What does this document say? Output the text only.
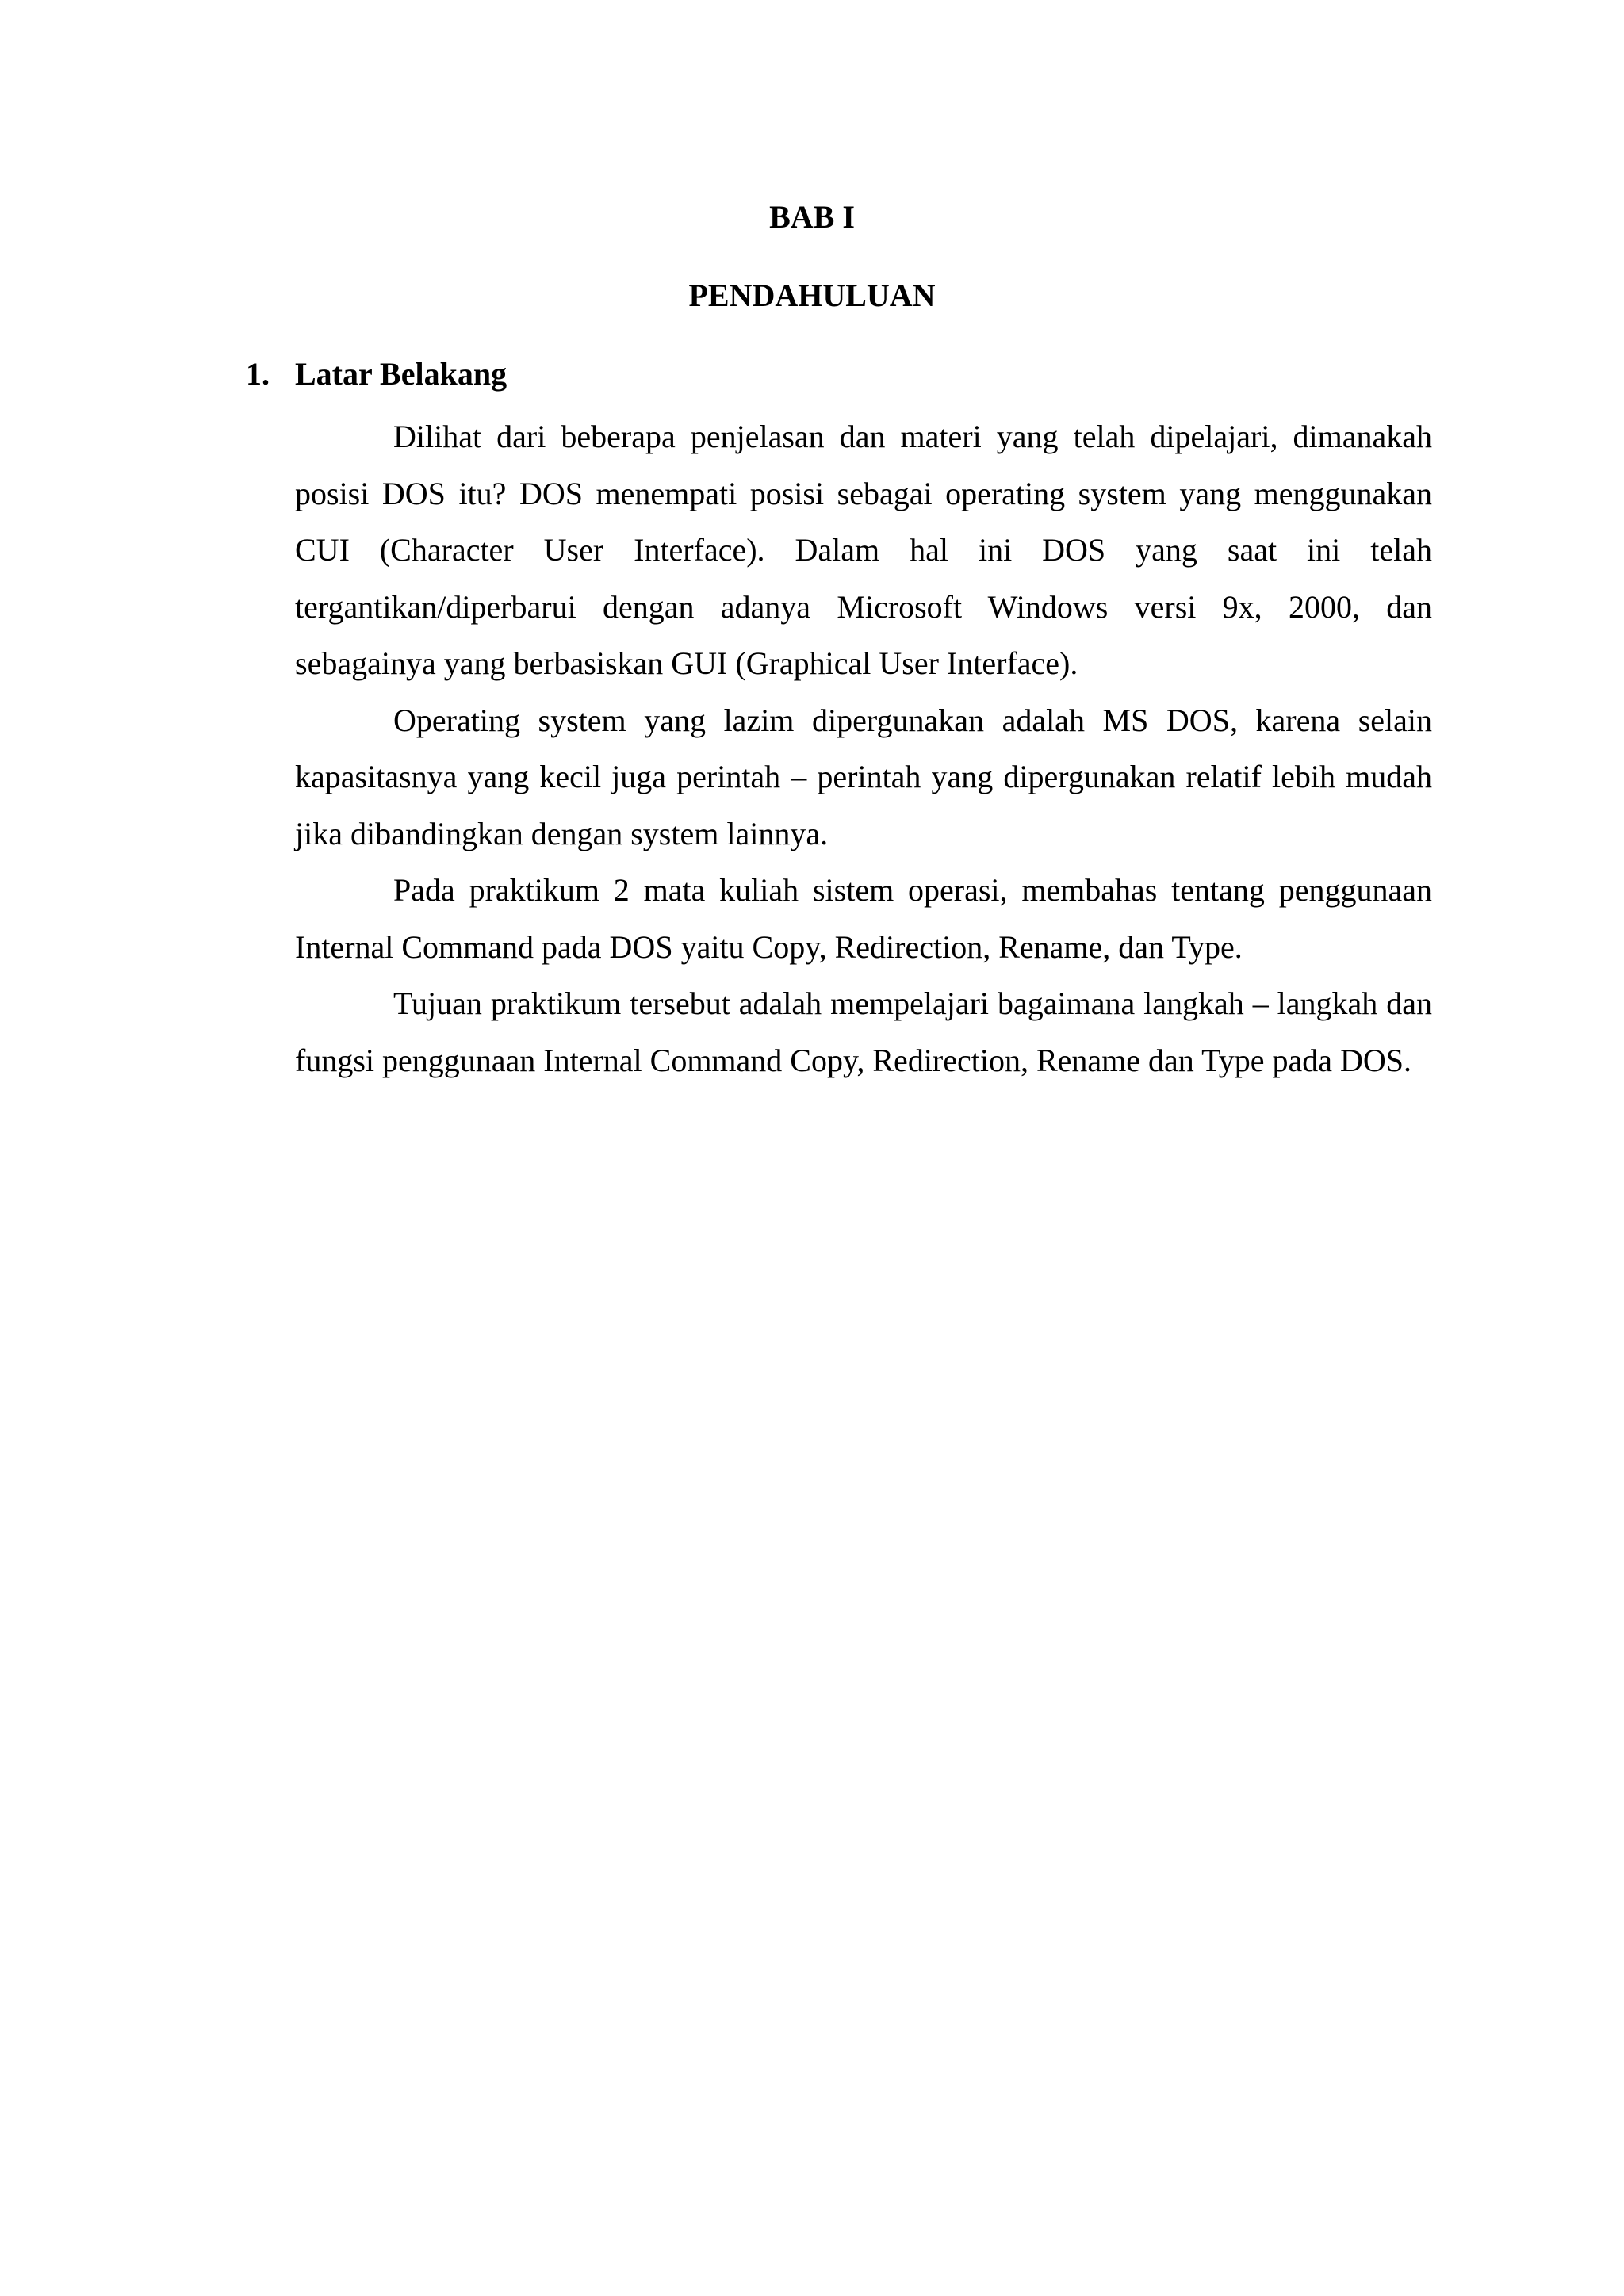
BAB I
PENDAHULUAN
1. Latar Belakang

Dilihat dari beberapa penjelasan dan materi yang telah dipelajari, dimanakah posisi DOS itu? DOS menempati posisi sebagai operating system yang menggunakan CUI (Character User Interface). Dalam hal ini DOS yang saat ini telah tergantikan/diperbarui dengan adanya Microsoft Windows versi 9x, 2000, dan sebagainya yang berbasiskan GUI (Graphical User Interface).

Operating system yang lazim dipergunakan adalah MS DOS, karena selain kapasitasnya yang kecil juga perintah – perintah yang dipergunakan relatif lebih mudah jika dibandingkan dengan system lainnya.

Pada praktikum 2 mata kuliah sistem operasi, membahas tentang penggunaan Internal Command pada DOS yaitu Copy, Redirection, Rename, dan Type.

Tujuan praktikum tersebut adalah mempelajari bagaimana langkah – langkah dan fungsi penggunaan Internal Command Copy, Redirection, Rename dan Type pada DOS.
